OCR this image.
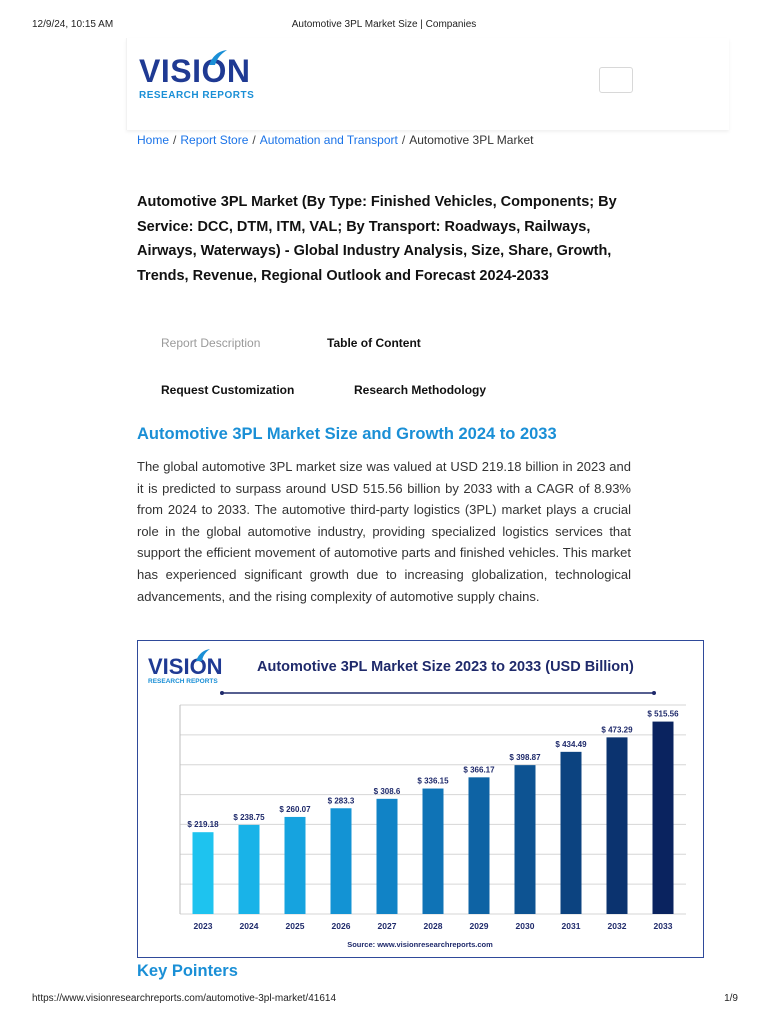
12/9/24, 10:15 AM	Automotive 3PL Market Size | Companies
VISION
RESEARCH REPORTS
Home / Report Store / Automation and Transport / Automotive 3PL Market
Automotive 3PL Market (By Type: Finished Vehicles, Components; By Service: DCC, DTM, ITM, VAL; By Transport: Roadways, Railways, Airways, Waterways) - Global Industry Analysis, Size, Share, Growth, Trends, Revenue, Regional Outlook and Forecast 2024-2033
Report Description	Table of Content
Request Customization	Research Methodology
Automotive 3PL Market Size and Growth 2024 to 2033

The global automotive 3PL market size was valued at USD 219.18 billion in 2023 and it is predicted to surpass around USD 515.56 billion by 2033 with a CAGR of 8.93% from 2024 to 2033. The automotive third-party logistics (3PL) market plays a crucial role in the global automotive industry, providing specialized logistics services that support the efficient movement of automotive parts and finished vehicles. This market has experienced significant growth due to increasing globalization, technological advancements, and the rising complexity of automotive supply chains.

VISION
RESEARCH REPORTS
Automotive 3PL Market Size 2023 to 2033 (USD Billion)
$ 219.18
$ 238.75
$ 260.07
$ 283.3
$ 308.6
$ 336.15
$ 366.17
$ 398.87
$ 434.49
$ 473.29
$ 515.56
2023	2024	2025	2026	2027	2028	2029	2030	2031	2032	2033
Source: www.visionresearchreports.com
Key Pointers
https://www.visionresearchreports.com/automotive-3pl-market/41614	1/9
